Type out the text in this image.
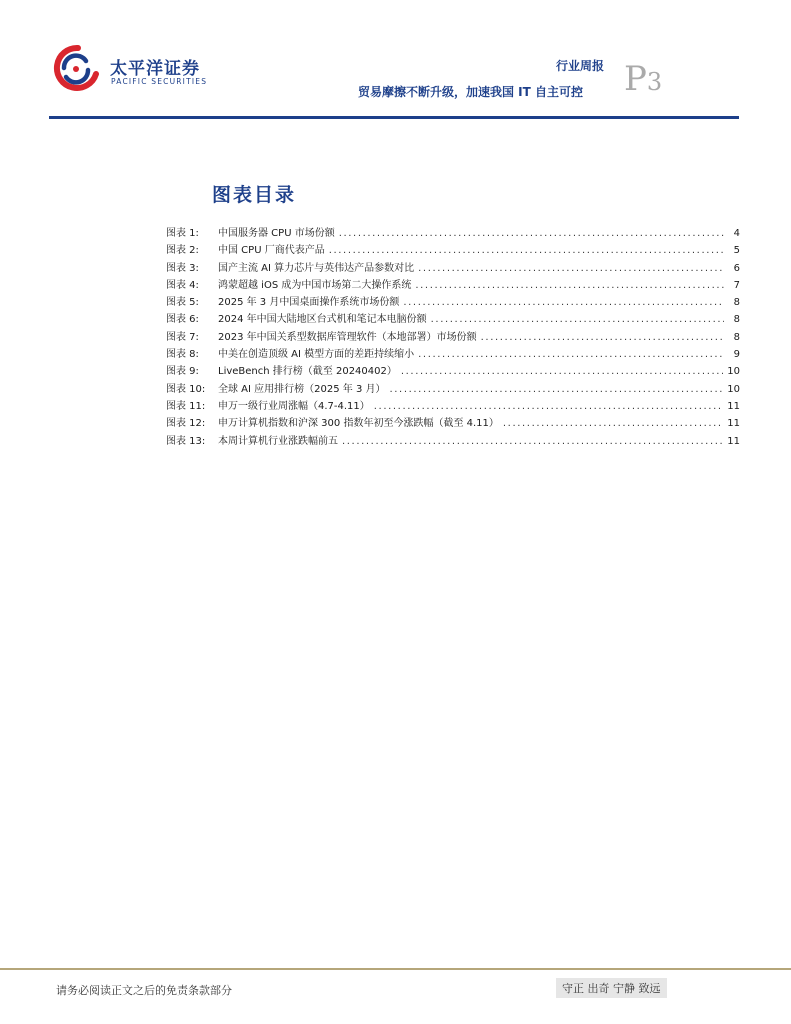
太平洋证券
PACIFIC SECURITIES
行业周报
贸易摩擦不断升级，加速我国 IT 自主可控 P3
图表目录
图表 1:	中国服务器 CPU 市场份额 .....	4
图表 2:	中国 CPU 厂商代表产品 .....	5
图表 3:	国产主流 AI 算力芯片与英伟达产品参数对比 .....	6
图表 4:	鸿蒙超越 iOS 成为中国市场第二大操作系统 .....	7
图表 5:	2025 年 3 月中国桌面操作系统市场份额 .....	8
图表 6:	2024 年中国大陆地区台式机和笔记本电脑份额 .....	8
图表 7:	2023 年中国关系型数据库管理软件（本地部署）市场份额 .....	8
图表 8:	中美在创造顶级 AI 模型方面的差距持续缩小 .....	9
图表 9:	LiveBench 排行榜（截至 20240402） .....	10
图表 10:	全球 AI 应用排行榜（2025 年 3 月） .....	10
图表 11:	申万一级行业周涨幅（4.7-4.11） .....	11
图表 12:	申万计算机指数和沪深 300 指数年初至今涨跌幅（截至 4.11） .....	11
图表 13:	本周计算机行业涨跌幅前五 .....	11
请务必阅读正文之后的免责条款部分	守正 出奇 宁静 致远
